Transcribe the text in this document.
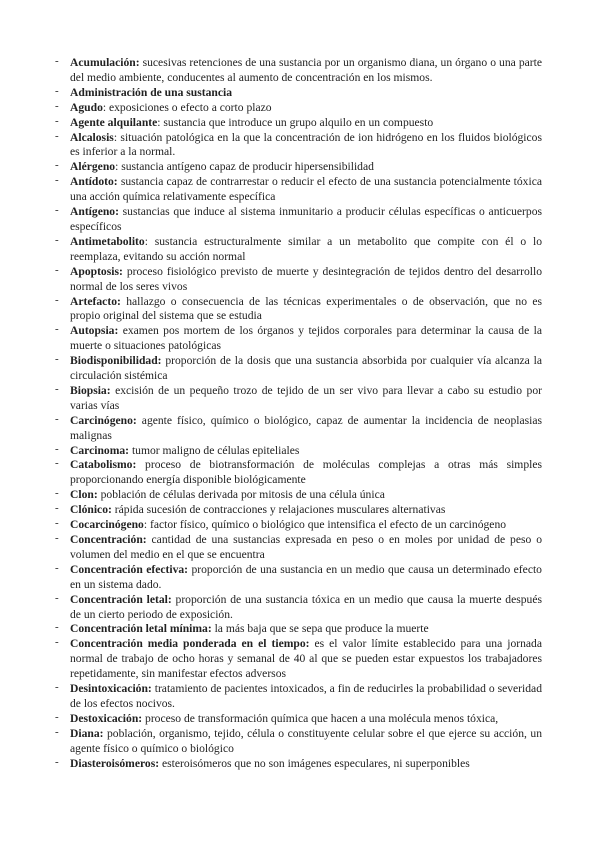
- Acumulación: sucesivas retenciones de una sustancia por un organismo diana, un órgano o una parte del medio ambiente, conducentes al aumento de concentración en los mismos.
- Administración de una sustancia
- Agudo: exposiciones o efecto a corto plazo
- Agente alquilante: sustancia que introduce un grupo alquilo en un compuesto
- Alcalosis: situación patológica en la que la concentración de ion hidrógeno en los fluidos biológicos es inferior a la normal.
- Alérgeno: sustancia antígeno capaz de producir hipersensibilidad
- Antídoto: sustancia capaz de contrarrestar o reducir el efecto de una sustancia potencialmente tóxica una acción química relativamente específica
- Antígeno: sustancias que induce al sistema inmunitario a producir células específicas o anticuerpos específicos
- Antimetabolito: sustancia estructuralmente similar a un metabolito que compite con él o lo reemplaza, evitando su acción normal
- Apoptosis: proceso fisiológico previsto de muerte y desintegración de tejidos dentro del desarrollo normal de los seres vivos
- Artefacto: hallazgo o consecuencia de las técnicas experimentales o de observación, que no es propio original del sistema que se estudia
- Autopsia: examen pos mortem de los órganos y tejidos corporales para determinar la causa de la muerte o situaciones patológicas
- Biodisponibilidad: proporción de la dosis que una sustancia absorbida por cualquier vía alcanza la circulación sistémica
- Biopsia: excisión de un pequeño trozo de tejido de un ser vivo para llevar a cabo su estudio por varias vías
- Carcinógeno: agente físico, químico o biológico, capaz de aumentar la incidencia de neoplasias malignas
- Carcinoma: tumor maligno de células epiteliales
- Catabolismo: proceso de biotransformación de moléculas complejas a otras más simples proporcionando energía disponible biológicamente
- Clon: población de células derivada por mitosis de una célula única
- Clónico: rápida sucesión de contracciones y relajaciones musculares alternativas
- Cocarcinógeno: factor físico, químico o biológico que intensifica el efecto de un carcinógeno
- Concentración: cantidad de una sustancias expresada en peso o en moles por unidad de peso o volumen del medio en el que se encuentra
- Concentración efectiva: proporción de una sustancia en un medio que causa un determinado efecto en un sistema dado.
- Concentración letal: proporción de una sustancia tóxica en un medio que causa la muerte después de un cierto periodo de exposición.
- Concentración letal mínima: la más baja que se sepa que produce la muerte
- Concentración media ponderada en el tiempo: es el valor límite establecido para una jornada normal de trabajo de ocho horas y semanal de 40 al que se pueden estar expuestos los trabajadores repetidamente, sin manifestar efectos adversos
- Desintoxicación: tratamiento de pacientes intoxicados, a fin de reducirles la probabilidad o severidad de los efectos nocivos.
- Destoxicación: proceso de transformación química que hacen a una molécula menos tóxica,
- Diana: población, organismo, tejido, célula o constituyente celular sobre el que ejerce su acción, un agente físico o químico o biológico
- Diasteroisómeros: esteroisómeros que no son imágenes especulares, ni superponibles
